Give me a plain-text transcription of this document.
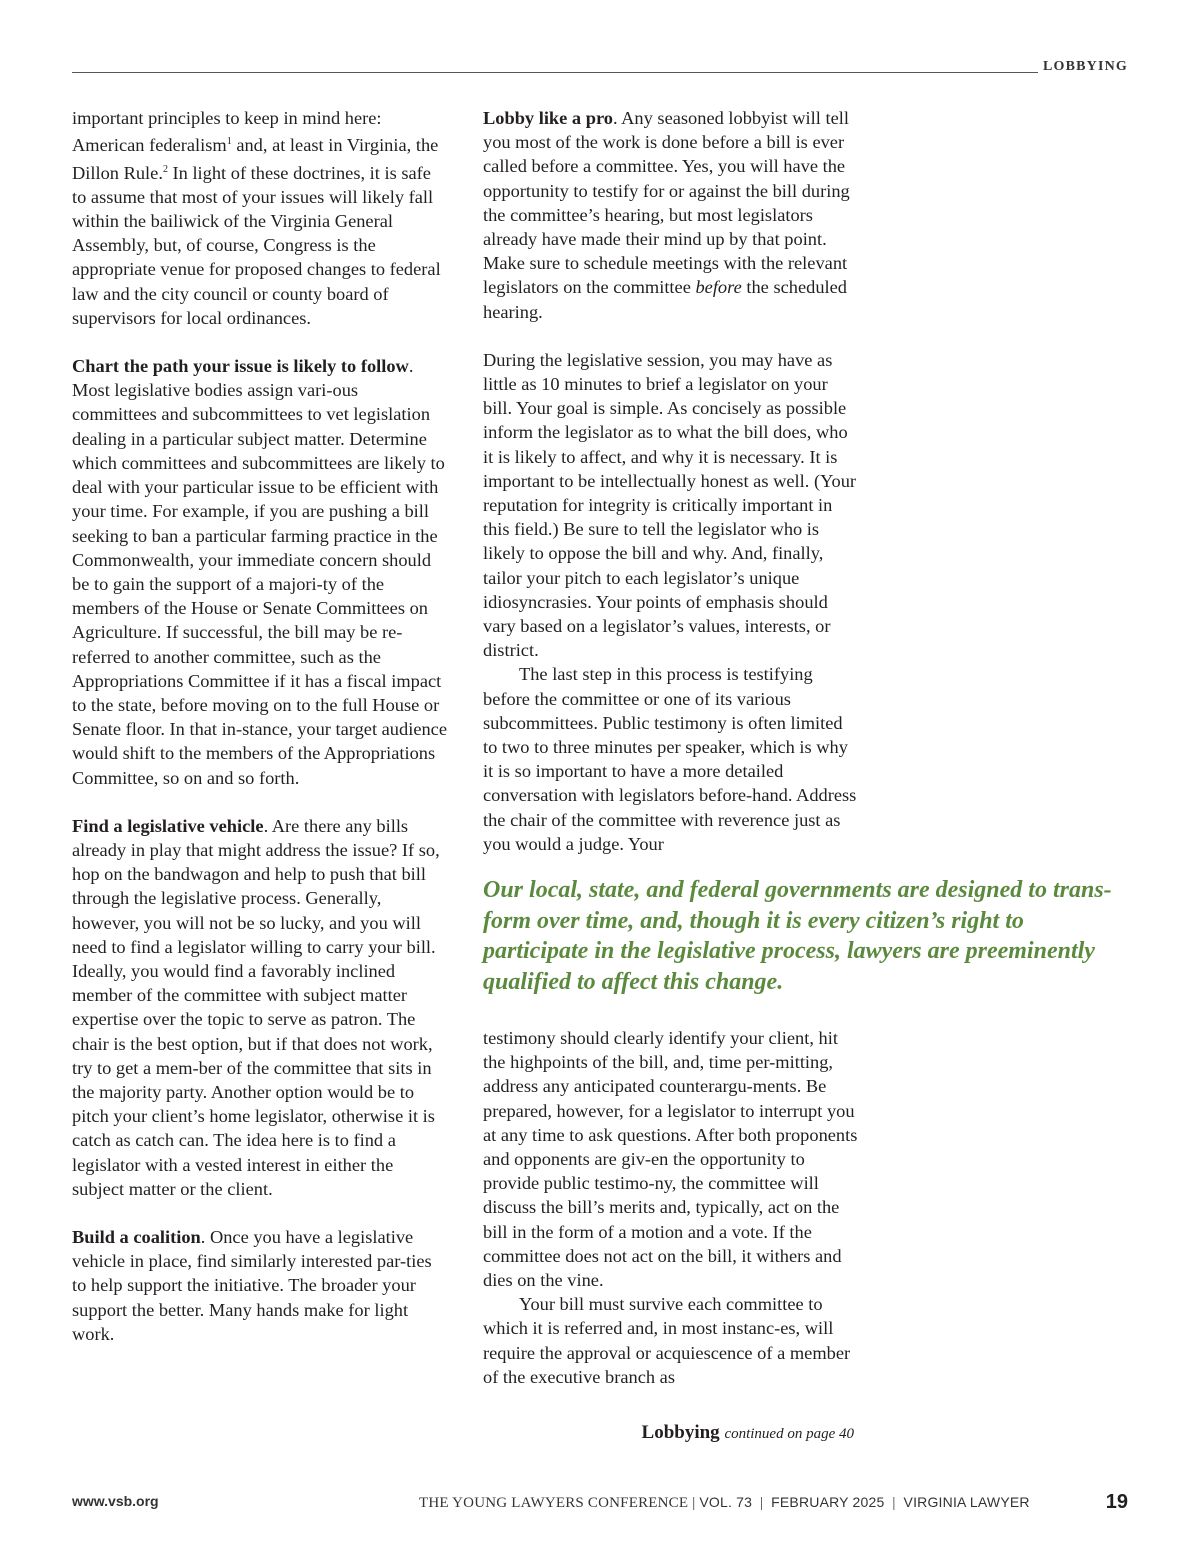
LOBBYING

important principles to keep in mind here: American federalism$^1$ and, at least in Virginia, the Dillon Rule.$^2$ In light of these doctrines, it is safe to assume that most of your issues will likely fall within the bailiwick of the Virginia General Assembly, but, of course, Congress is the appropriate venue for proposed changes to federal law and the city council or county board of supervisors for local ordinances.

Chart the path your issue is likely to follow. Most legislative bodies assign vari-ous committees and subcommittees to vet legislation dealing in a particular subject matter. Determine which committees and subcommittees are likely to deal with your particular issue to be efficient with your time. For example, if you are pushing a bill seeking to ban a particular farming practice in the Commonwealth, your immediate concern should be to gain the support of a majori-ty of the members of the House or Senate Committees on Agriculture. If successful, the bill may be re-referred to another committee, such as the Appropriations Committee if it has a fiscal impact to the state, before moving on to the full House or Senate floor. In that in-stance, your target audience would shift to the members of the Appropriations Committee, so on and so forth.

Find a legislative vehicle. Are there any bills already in play that might address the issue? If so, hop on the bandwagon and help to push that bill through the legislative process. Generally, however, you will not be so lucky, and you will need to find a legislator willing to carry your bill. Ideally, you would find a favorably inclined member of the committee with subject matter expertise over the topic to serve as patron. The chair is the best option, but if that does not work, try to get a mem-ber of the committee that sits in the majority party. Another option would be to pitch your client’s home legislator, otherwise it is catch as catch can. The idea here is to find a legislator with a vested interest in either the subject matter or the client.

Build a coalition. Once you have a legislative vehicle in place, find similarly interested par-ties to help support the initiative. The broader your support the better. Many hands make for light work.

Lobby like a pro. Any seasoned lobbyist will tell you most of the work is done before a bill is ever called before a committee. Yes, you will have the opportunity to testify for or against the bill during the committee’s hearing, but most legislators already have made their mind up by that point. Make sure to schedule meetings with the relevant legislators on the committee before the scheduled hearing.

During the legislative session, you may have as little as 10 minutes to brief a legislator on your bill. Your goal is simple. As concisely as possible inform the legislator as to what the bill does, who it is likely to affect, and why it is necessary. It is important to be intellectually honest as well. (Your reputation for integrity is critically important in this field.) Be sure to tell the legislator who is likely to oppose the bill and why. And, finally, tailor your pitch to each legislator’s unique idiosyncrasies. Your points of emphasis should vary based on a legislator’s values, interests, or district.

The last step in this process is testifying before the committee or one of its various subcommittees. Public testimony is often limited to two to three minutes per speaker, which is why it is so important to have a more detailed conversation with legislators before-hand. Address the chair of the committee with reverence just as you would a judge. Your

Our local, state, and federal governments are designed to trans-form over time, and, though it is every citizen’s right to participate in the legislative process, lawyers are preeminently qualified to affect this change.

testimony should clearly identify your client, hit the highpoints of the bill, and, time per-mitting, address any anticipated counterargu-ments. Be prepared, however, for a legislator to interrupt you at any time to ask questions. After both proponents and opponents are giv-en the opportunity to provide public testimo-ny, the committee will discuss the bill’s merits and, typically, act on the bill in the form of a motion and a vote. If the committee does not act on the bill, it withers and dies on the vine.

Your bill must survive each committee to which it is referred and, in most instanc-es, will require the approval or acquiescence of a member of the executive branch as

Lobbying continued on page 40
www.vsb.org	THE YOUNG LAWYERS CONFERENCE | VOL. 73 | FEBRUARY 2025 | VIRGINIA LAWYER	19
